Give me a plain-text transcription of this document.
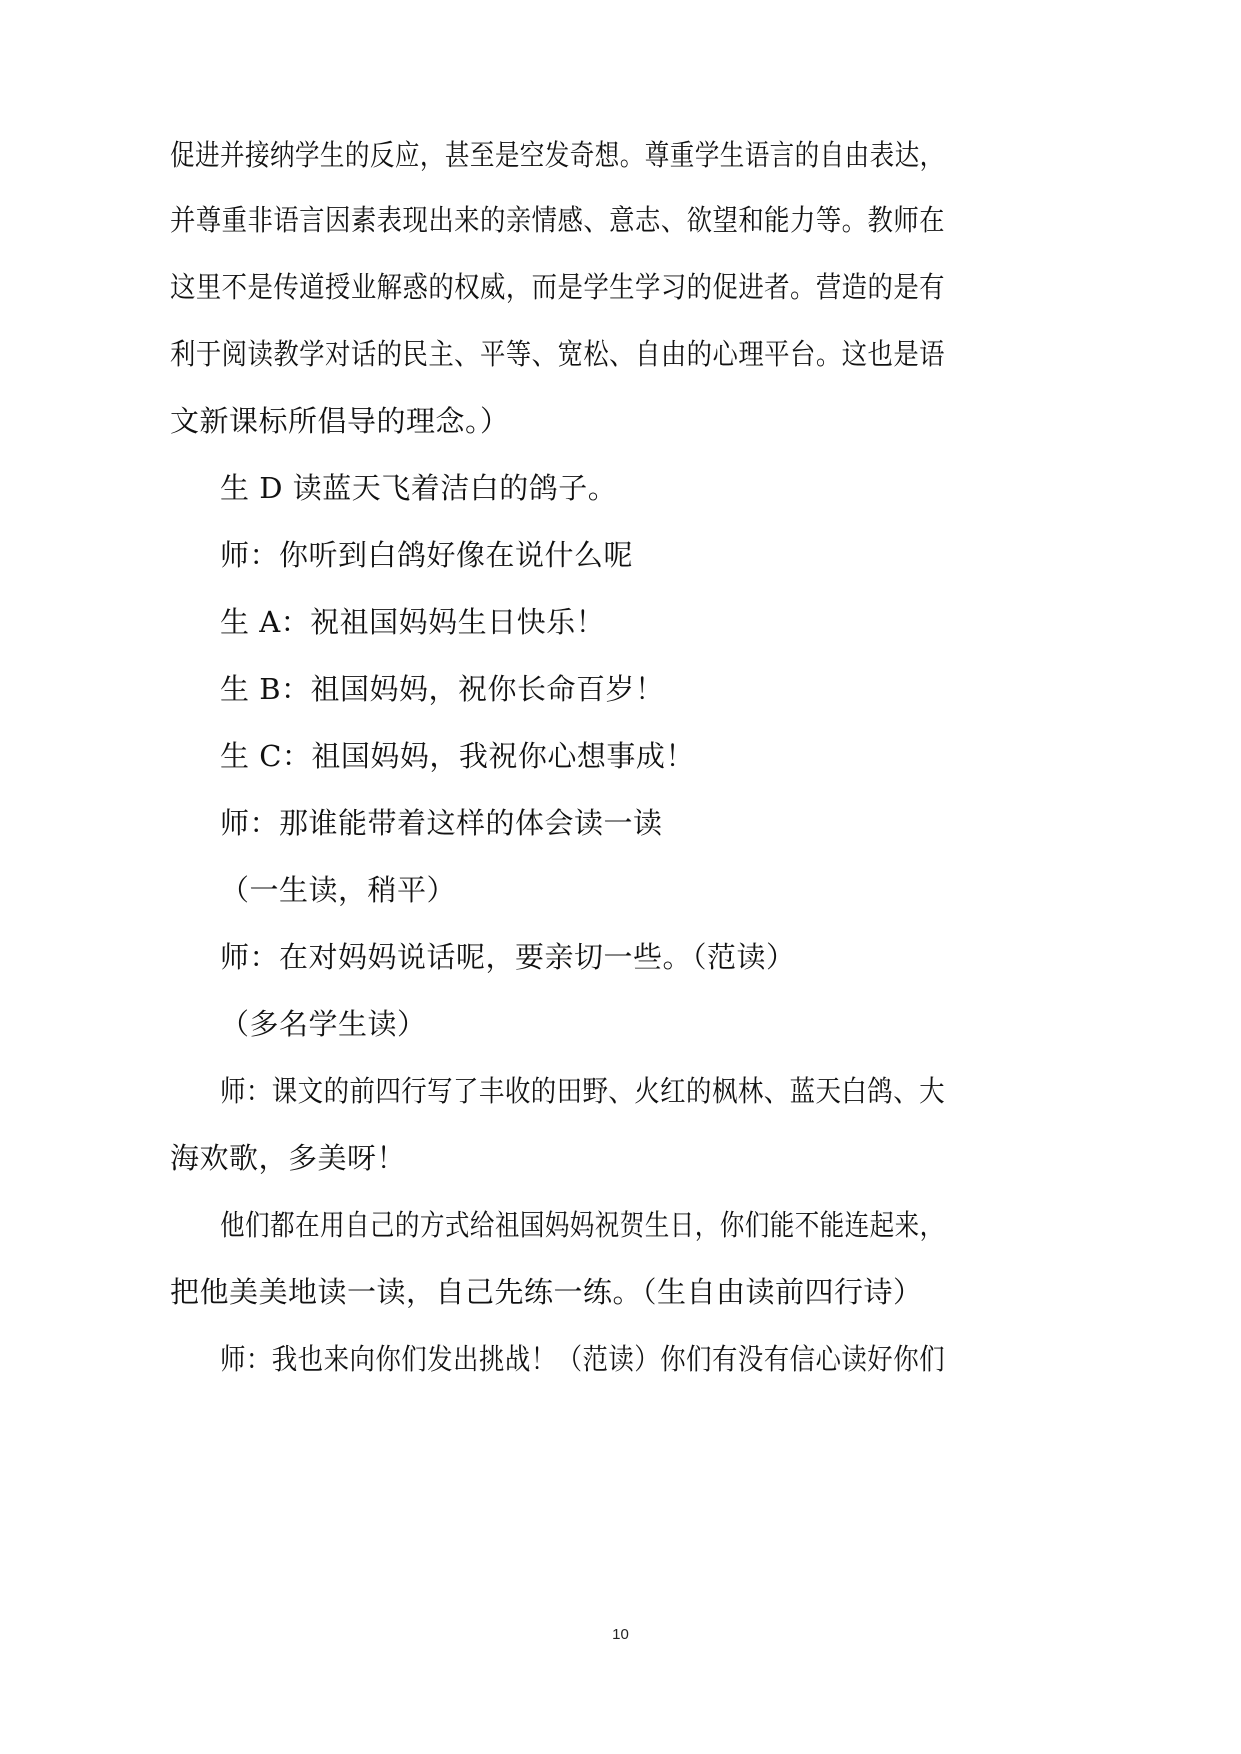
促进并接纳学生的反应，甚至是空发奇想。尊重学生语言的自由表达，
并尊重非语言因素表现出来的亲情感、意志、欲望和能力等。教师在
这里不是传道授业解惑的权威，而是学生学习的促进者。营造的是有
利于阅读教学对话的民主、平等、宽松、自由的心理平台。这也是语
文新课标所倡导的理念。）
生 D 读蓝天飞着洁白的鸽子。
师：你听到白鸽好像在说什么呢
生 A：祝祖国妈妈生日快乐！
生 B：祖国妈妈，祝你长命百岁！
生 C：祖国妈妈，我祝你心想事成！
师：那谁能带着这样的体会读一读
（一生读，稍平）
师：在对妈妈说话呢，要亲切一些。（范读）
（多名学生读）
师：课文的前四行写了丰收的田野、火红的枫林、蓝天白鸽、大
海欢歌，多美呀！
他们都在用自己的方式给祖国妈妈祝贺生日，你们能不能连起来，
把他美美地读一读，自己先练一练。（生自由读前四行诗）
师：我也来向你们发出挑战！（范读）你们有没有信心读好你们
10
